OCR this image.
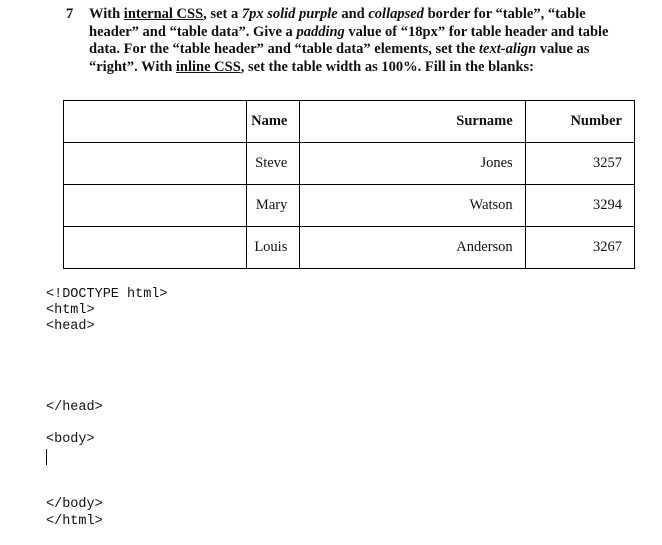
7 With internal CSS, set a 7px solid purple and collapsed border for “table”, “table header” and “table data”. Give a padding value of “18px” for table header and table data. For the “table header” and “table data” elements, set the text-align value as “right”. With inline CSS, set the table width as 100%. Fill in the blanks:
	Name	Surname	Number
	Steve	Jones	3257
	Mary	Watson	3294
	Louis	Anderson	3267
<!DOCTYPE html>
<html>
<head>
</head>
<body>
</body>
</html>
